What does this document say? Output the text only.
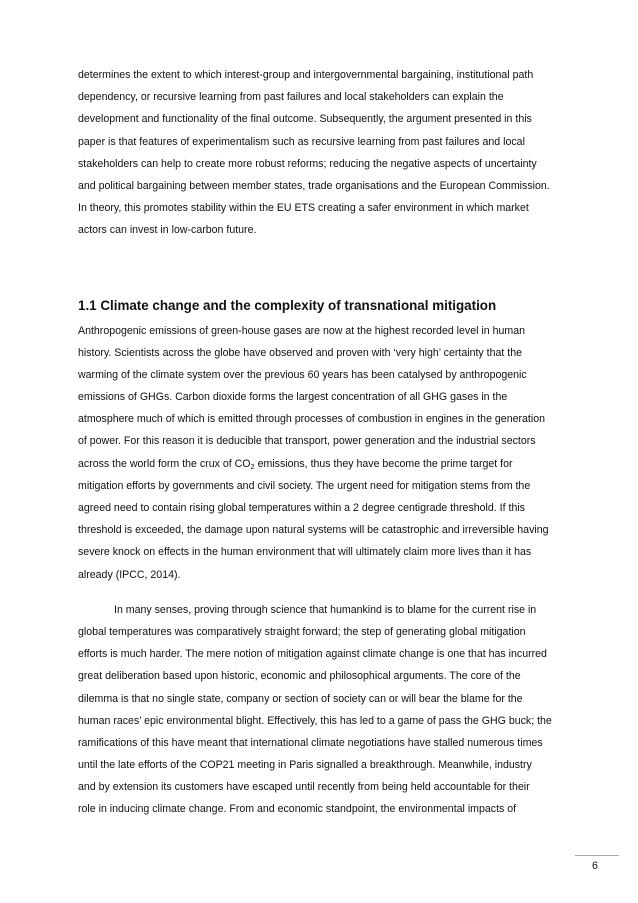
determines the extent to which interest-group and intergovernmental bargaining, institutional path
dependency, or recursive learning from past failures and local stakeholders can explain the
development and functionality of the final outcome. Subsequently, the argument presented in this
paper is that features of experimentalism such as recursive learning from past failures and local
stakeholders can help to create more robust reforms; reducing the negative aspects of uncertainty
and political bargaining between member states, trade organisations and the European Commission.
In theory, this promotes stability within the EU ETS creating a safer environment in which market
actors can invest in low-carbon future.
1.1 Climate change and the complexity of transnational mitigation
Anthropogenic emissions of green-house gases are now at the highest recorded level in human
history. Scientists across the globe have observed and proven with ‘very high’ certainty that the
warming of the climate system over the previous 60 years has been catalysed by anthropogenic
emissions of GHGs. Carbon dioxide forms the largest concentration of all GHG gases in the
atmosphere much of which is emitted through processes of combustion in engines in the generation
of power. For this reason it is deducible that transport, power generation and the industrial sectors
across the world form the crux of CO2 emissions, thus they have become the prime target for
mitigation efforts by governments and civil society. The urgent need for mitigation stems from the
agreed need to contain rising global temperatures within a 2 degree centigrade threshold. If this
threshold is exceeded, the damage upon natural systems will be catastrophic and irreversible having
severe knock on effects in the human environment that will ultimately claim more lives than it has
already (IPCC, 2014).
In many senses, proving through science that humankind is to blame for the current rise in
global temperatures was comparatively straight forward; the step of generating global mitigation
efforts is much harder. The mere notion of mitigation against climate change is one that has incurred
great deliberation based upon historic, economic and philosophical arguments. The core of the
dilemma is that no single state, company or section of society can or will bear the blame for the
human races’ epic environmental blight. Effectively, this has led to a game of pass the GHG buck; the
ramifications of this have meant that international climate negotiations have stalled numerous times
until the late efforts of the COP21 meeting in Paris signalled a breakthrough. Meanwhile, industry
and by extension its customers have escaped until recently from being held accountable for their
role in inducing climate change. From and economic standpoint, the environmental impacts of
6
